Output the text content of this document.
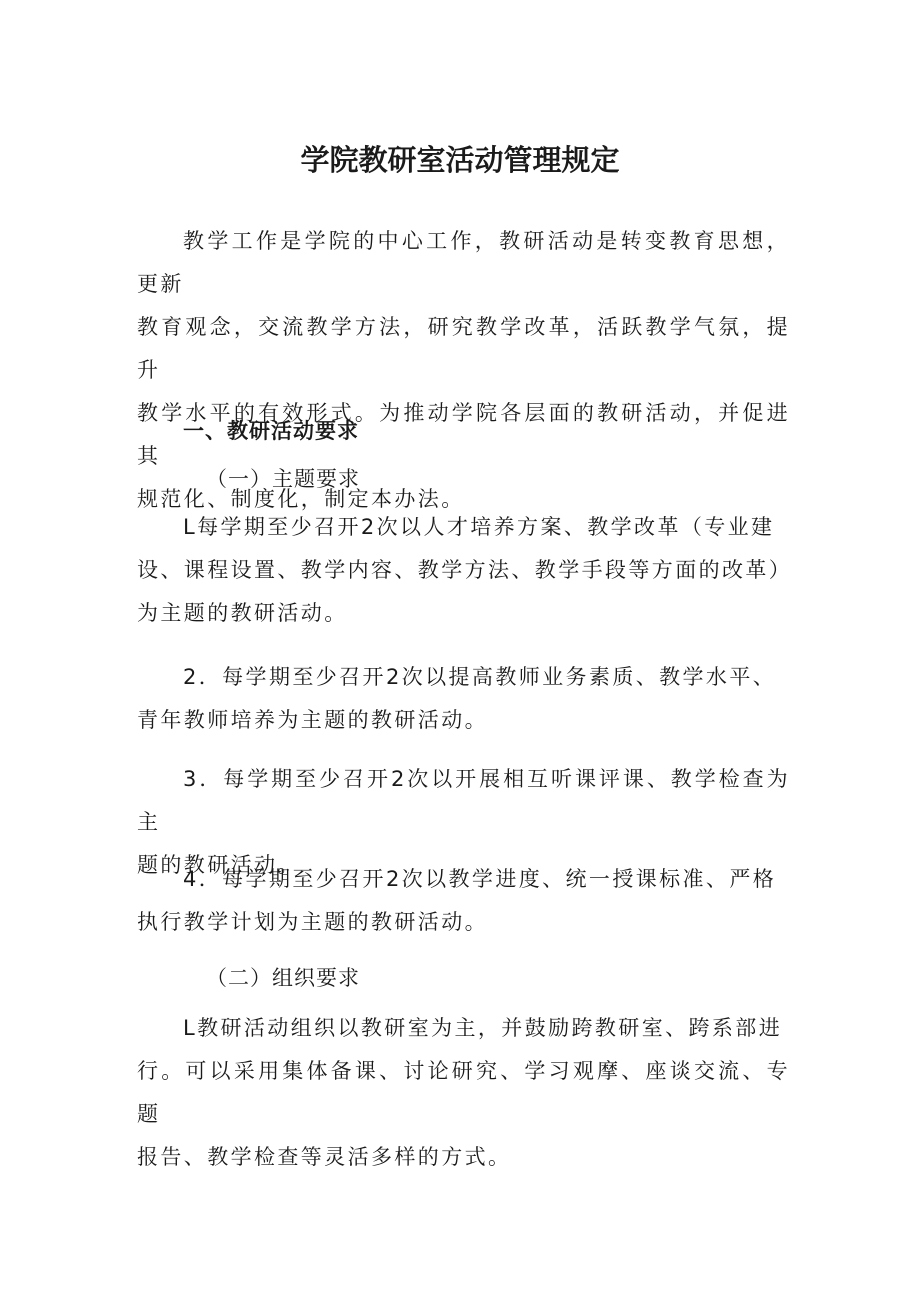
学院教研室活动管理规定
教学工作是学院的中心工作，教研活动是转变教育思想，更新
教育观念，交流教学方法，研究教学改革，活跃教学气氛，提升
教学水平的有效形式。为推动学院各层面的教研活动，并促进其
规范化、制度化，制定本办法。
一、教研活动要求
（一）主题要求
L每学期至少召开2次以人才培养方案、教学改革（专业建
设、课程设置、教学内容、教学方法、教学手段等方面的改革）
为主题的教研活动。
2．每学期至少召开2次以提高教师业务素质、教学水平、
青年教师培养为主题的教研活动。
3．每学期至少召开2次以开展相互听课评课、教学检查为主
题的教研活动。
4．每学期至少召开2次以教学进度、统一授课标准、严格
执行教学计划为主题的教研活动。
（二）组织要求
L教研活动组织以教研室为主，并鼓励跨教研室、跨系部进
行。可以采用集体备课、讨论研究、学习观摩、座谈交流、专题
报告、教学检查等灵活多样的方式。
